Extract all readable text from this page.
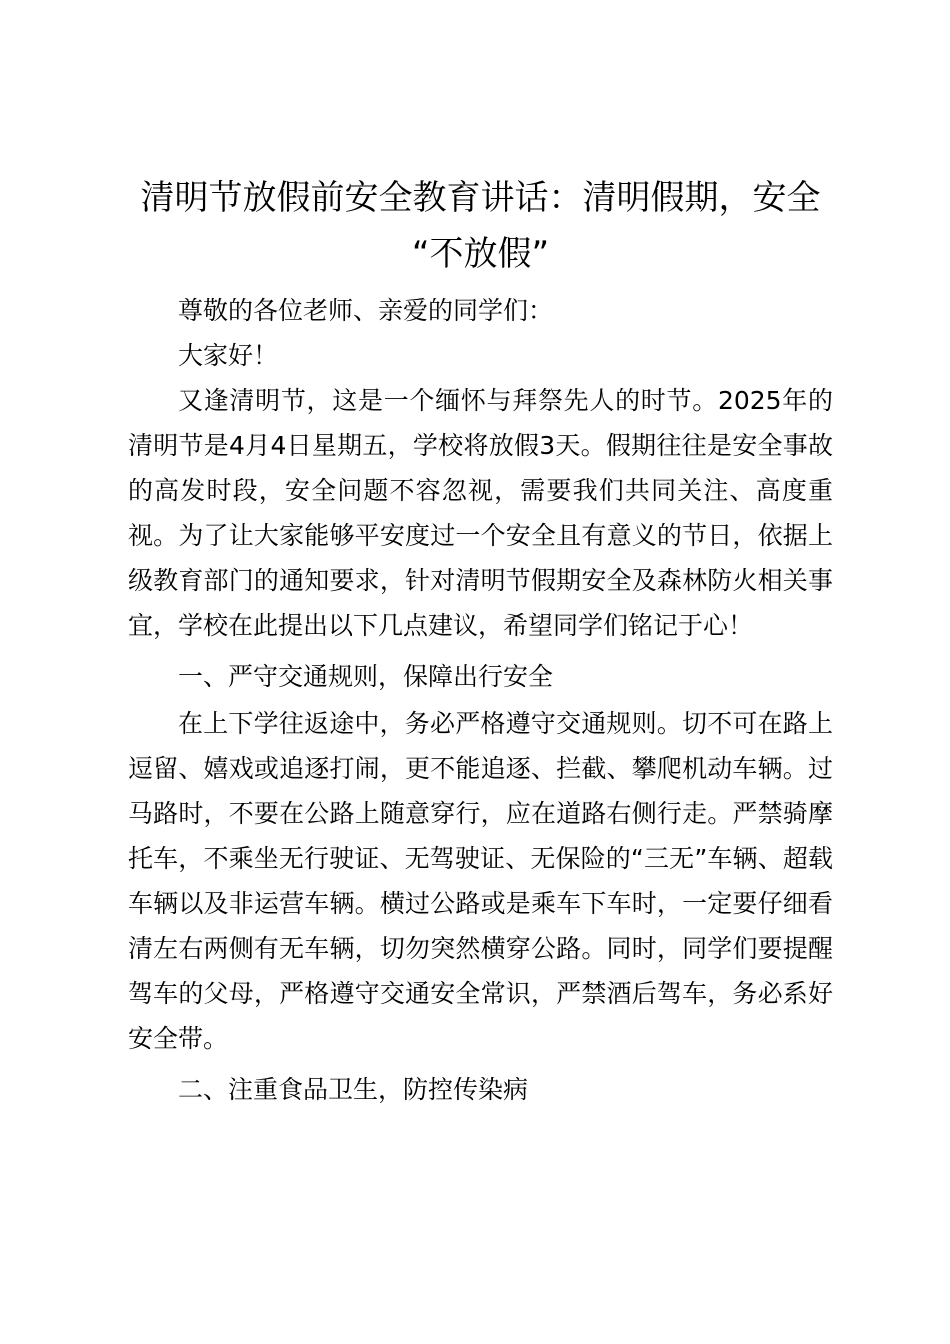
清明节放假前安全教育讲话：清明假期，安全
“不放假”

尊敬的各位老师、亲爱的同学们：

大家好！

又逢清明节，这是一个缅怀与拜祭先人的时节。2025年的清明节是4月4日星期五，学校将放假3天。假期往往是安全事故的高发时段，安全问题不容忽视，需要我们共同关注、高度重视。为了让大家能够平安度过一个安全且有意义的节日，依据上级教育部门的通知要求，针对清明节假期安全及森林防火相关事宜，学校在此提出以下几点建议，希望同学们铭记于心！

一、严守交通规则，保障出行安全

在上下学往返途中，务必严格遵守交通规则。切不可在路上逗留、嬉戏或追逐打闹，更不能追逐、拦截、攀爬机动车辆。过马路时，不要在公路上随意穿行，应在道路右侧行走。严禁骑摩托车，不乘坐无行驶证、无驾驶证、无保险的“三无”车辆、超载车辆以及非运营车辆。横过公路或是乘车下车时，一定要仔细看清左右两侧有无车辆，切勿突然横穿公路。同时，同学们要提醒驾车的父母，严格遵守交通安全常识，严禁酒后驾车，务必系好安全带。

二、注重食品卫生，防控传染病
